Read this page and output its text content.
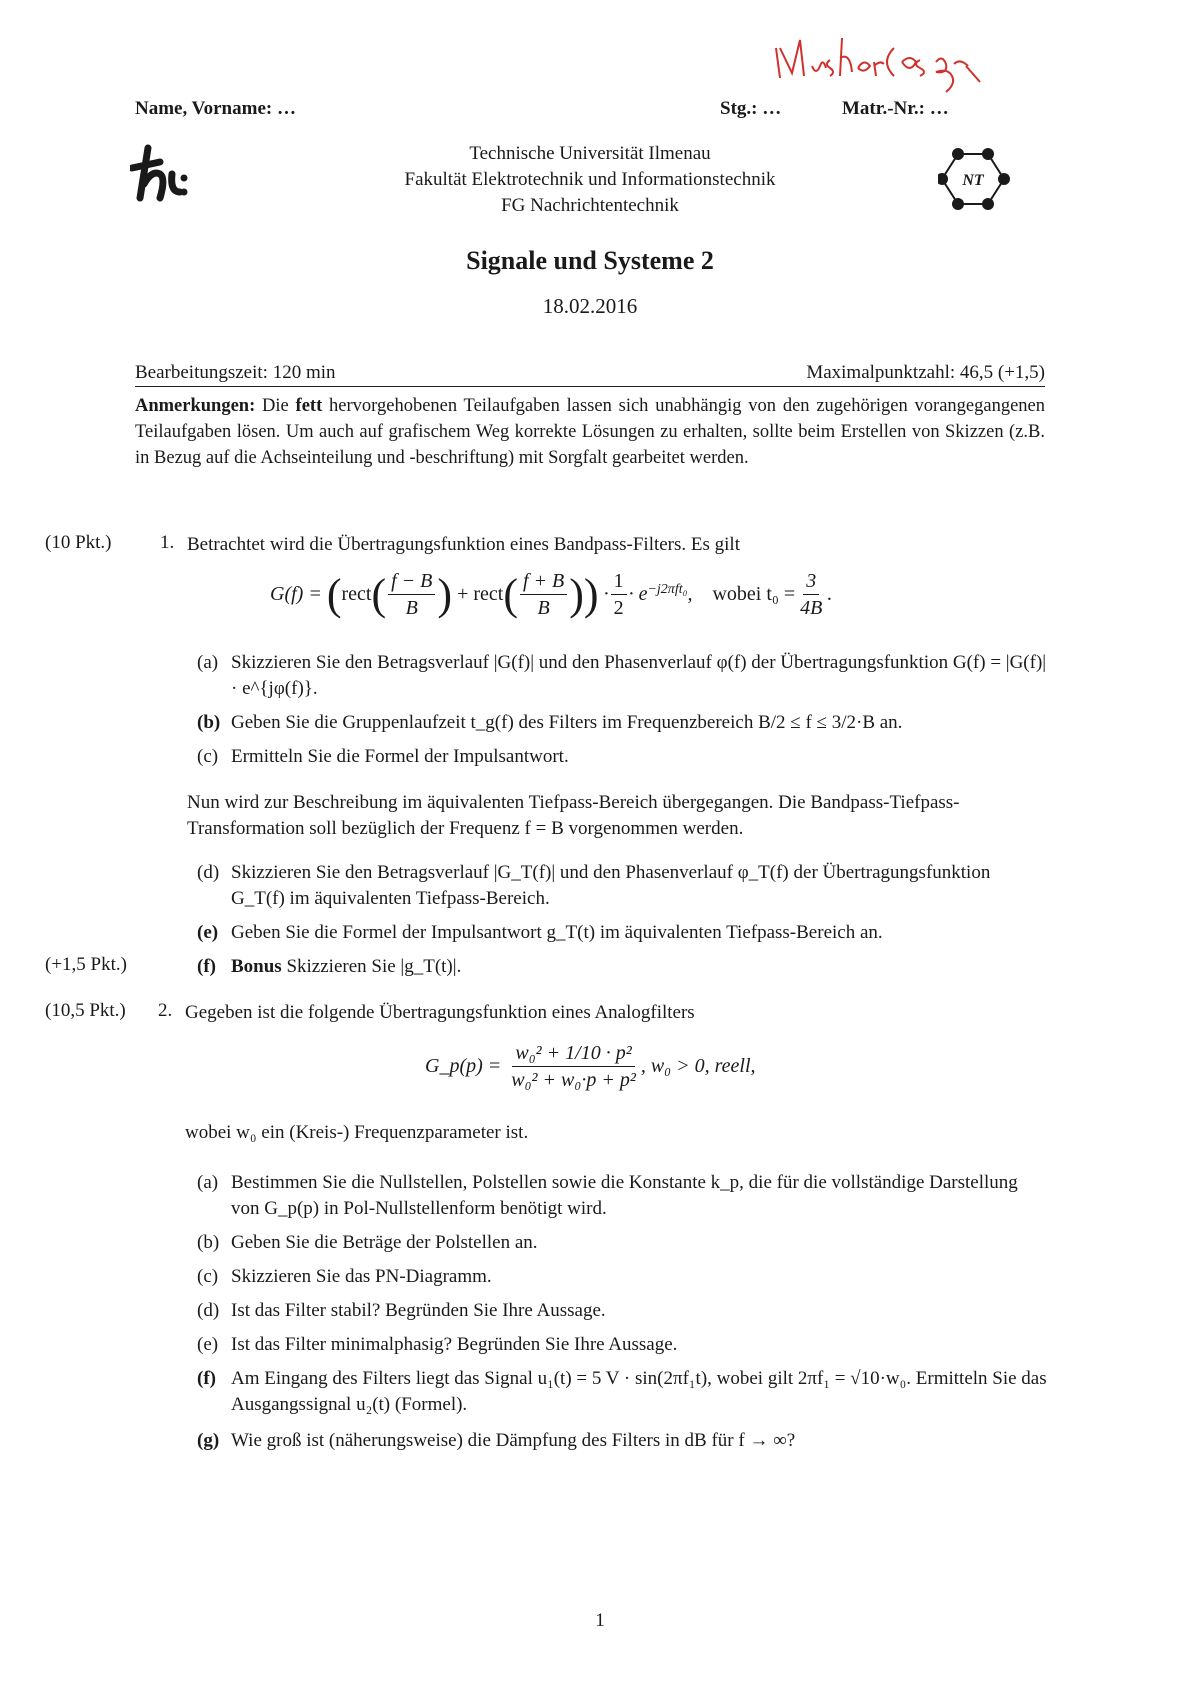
Name, Vorname: …	Stg.: …	Matr.-Nr.: …
Technische Universität Ilmenau
Fakultät Elektrotechnik und Informationstechnik
FG Nachrichtentechnik
NT
Signale und Systeme 2
18.02.2016
Bearbeitungszeit: 120 min	Maximalpunktzahl: 46,5 (+1,5)
Anmerkungen: Die fett hervorgehobenen Teilaufgaben lassen sich unabhängig von den zugehörigen vorangegangenen Teilaufgaben lösen. Um auch auf grafischem Weg korrekte Lösungen zu erhalten, sollte beim Erstellen von Skizzen (z.B. in Bezug auf die Achseinteilung und -beschriftung) mit Sorgfalt gearbeitet werden.
(10 Pkt.)	1. Betrachtet wird die Übertragungsfunktion eines Bandpass-Filters. Es gilt
G(f) =
( rect ( $\frac{f - B}{B}$ )
+
rect ( $\frac{f + B}{B}$ )) · $\frac{1}{2} \cdot e^{-j2\pi ft_0}$ , wobei $t_0 = \frac{3}{4B}$ .
(a) Skizzieren Sie den Betragsverlauf |G(f)| und den Phasenverlauf φ(f) der Übertragungsfunktion G(f) = |G(f)| · e^{jφ(f)}.
(b) Geben Sie die Gruppenlaufzeit t_g(f) des Filters im Frequenzbereich B/2 ≤ f ≤ 3/2·B an.
(c) Ermitteln Sie die Formel der Impulsantwort.
Nun wird zur Beschreibung im äquivalenten Tiefpass-Bereich übergegangen. Die Bandpass-Tiefpass-Transformation soll bezüglich der Frequenz f = B vorgenommen werden.
(d) Skizzieren Sie den Betragsverlauf |G_T(f)| und den Phasenverlauf φ_T(f) der Übertragungsfunktion G_T(f) im äquivalenten Tiefpass-Bereich.
(e) Geben Sie die Formel der Impulsantwort g_T(t) im äquivalenten Tiefpass-Bereich an.
(+1,5 Pkt.)	(f) Bonus Skizzieren Sie |g_T(t)|.
(10,5 Pkt.) 2. Gegeben ist die folgende Übertragungsfunktion eines Analogfilters
G_p(p) =
$\frac{\text{w₀² + 1/10 · p²}}{\text{w₀² + w₀·p + p²}}$ , w₀ > 0, reell,
wobei w₀ ein (Kreis-) Frequenzparameter ist.
(a) Bestimmen Sie die Nullstellen, Polstellen sowie die Konstante k_p, die für die vollständige Darstellung von G_p(p) in Pol-Nullstellenform benötigt wird.
(b) Geben Sie die Beträge der Polstellen an.
(c) Skizzieren Sie das PN-Diagramm.
(d) Ist das Filter stabil? Begründen Sie Ihre Aussage.
(e) Ist das Filter minimalphasig? Begründen Sie Ihre Aussage.
(f) Am Eingang des Filters liegt das Signal u₁(t) = 5 V · sin(2πf₁t), wobei gilt 2πf₁ = √10·w₀. Ermitteln Sie das Ausgangssignal u₂(t) (Formel).
(g) Wie groß ist (näherungsweise) die Dämpfung des Filters in dB für f → ∞?
1
